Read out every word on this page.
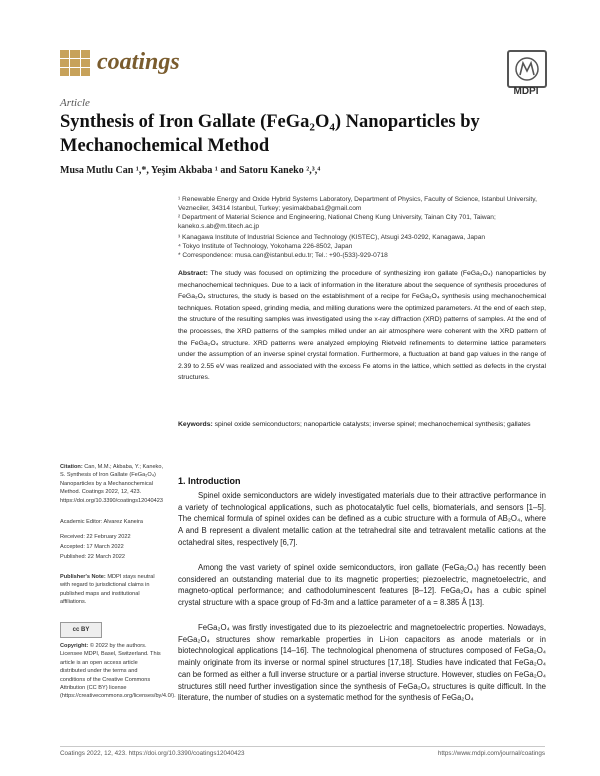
coatings
MDPI
Article
Synthesis of Iron Gallate (FeGa₂O₄) Nanoparticles by
Mechanochemical Method
Musa Mutlu Can ¹,*, Yeşim Akbaba ¹ and Satoru Kaneko ²,³,⁴
¹ Renewable Energy and Oxide Hybrid Systems Laboratory, Department of Physics, Faculty of Science, Istanbul University, Vezneciler, 34314 Istanbul, Turkey; yesimakbaba1@gmail.com
² Department of Material Science and Engineering, National Cheng Kung University, Tainan City 701, Taiwan; kaneko.s.ab@m.titech.ac.jp
³ Kanagawa Institute of Industrial Science and Technology (KISTEC), Atsugi 243-0292, Kanagawa, Japan
⁴ Tokyo Institute of Technology, Yokohama 226-8502, Japan
* Correspondence: musa.can@istanbul.edu.tr; Tel.: +90-(533)-929-0718
Abstract: The study was focused on optimizing the procedure of synthesizing iron gallate (FeGa₂O₄) nanoparticles by mechanochemical techniques. Due to a lack of information in the literature about the sequence of synthesis procedures of FeGa₂O₄ structures, the study is based on the establishment of a recipe for FeGa₂O₄ synthesis using mechanochemical techniques. Rotation speed, grinding media, and milling durations were the optimized parameters. At the end of each step, the structure of the resulting samples was investigated using the x-ray diffraction (XRD) patterns of samples. At the end of the processes, the XRD patterns of the samples milled under an air atmosphere were coherent with the XRD pattern of the FeGa₂O₄ structure. XRD patterns were analyzed employing Rietveld refinements to determine lattice parameters under the assumption of an inverse spinel crystal formation. Furthermore, a fluctuation at band gap values in the range of 2.39 to 2.55 eV was realized and associated with the excess Fe atoms in the lattice, which settled as defects in the crystal structures.
Keywords: spinel oxide semiconductors; nanoparticle catalysts; inverse spinel; mechanochemical synthesis; gallates
Citation: Can, M.M.; Akbaba, Y.; Kaneko, S. Synthesis of Iron Gallate (FeGa₂O₄) Nanoparticles by a Mechanochemical Method. Coatings 2022, 12, 423. https://doi.org/10.3390/coatings12040423
Academic Editor: Alvarez Kaneira
Received: 22 February 2022
Accepted: 17 March 2022
Published: 22 March 2022
Publisher's Note: MDPI stays neutral with regard to jurisdictional claims in published maps and institutional affiliations.
cc BY
Copyright: © 2022 by the authors. Licensee MDPI, Basel, Switzerland. This article is an open access article distributed under the terms and conditions of the Creative Commons Attribution (CC BY) license (https://creativecommons.org/licenses/by/4.0/).
1. Introduction
Spinel oxide semiconductors are widely investigated materials due to their attractive performance in a variety of technological applications, such as photocatalytic fuel cells, biomaterials, and sensors [1–5]. The chemical formula of spinel oxides can be defined as a cubic structure with a formula of AB₂O₄, where A and B represent a divalent metallic cation at the tetrahedral site and tetravalent metallic cations at the octahedral sites, respectively [6,7].
Among the vast variety of spinel oxide semiconductors, iron gallate (FeGa₂O₄) has recently been considered an outstanding material due to its magnetic properties; piezoelectric, magnetoelectric, and magneto-optical performance; and cathodoluminescent features [8–12]. FeGa₂O₄ has a cubic spinel crystal structure with a space group of Fd-3m and a lattice parameter of a = 8.385 Å [13].
FeGa₂O₄ was firstly investigated due to its piezoelectric and magnetoelectric properties. Nowadays, FeGa₂O₄ structures show remarkable properties in Li-ion capacitors as anode materials or in biotechnological applications [14–16]. The technological phenomena of structures composed of FeGa₂O₄ mainly originate from its inverse or normal spinel structures [17,18]. Studies have indicated that FeGa₂O₄ can be formed as either a full inverse structure or a partial inverse structure. However, studies on FeGa₂O₄ structures still need further investigation since the synthesis of FeGa₂O₄ structures is quite difficult. In the literature, the number of studies on a systematic method for the synthesis of FeGa₂O₄
Coatings 2022, 12, 423. https://doi.org/10.3390/coatings12040423	https://www.mdpi.com/journal/coatings
